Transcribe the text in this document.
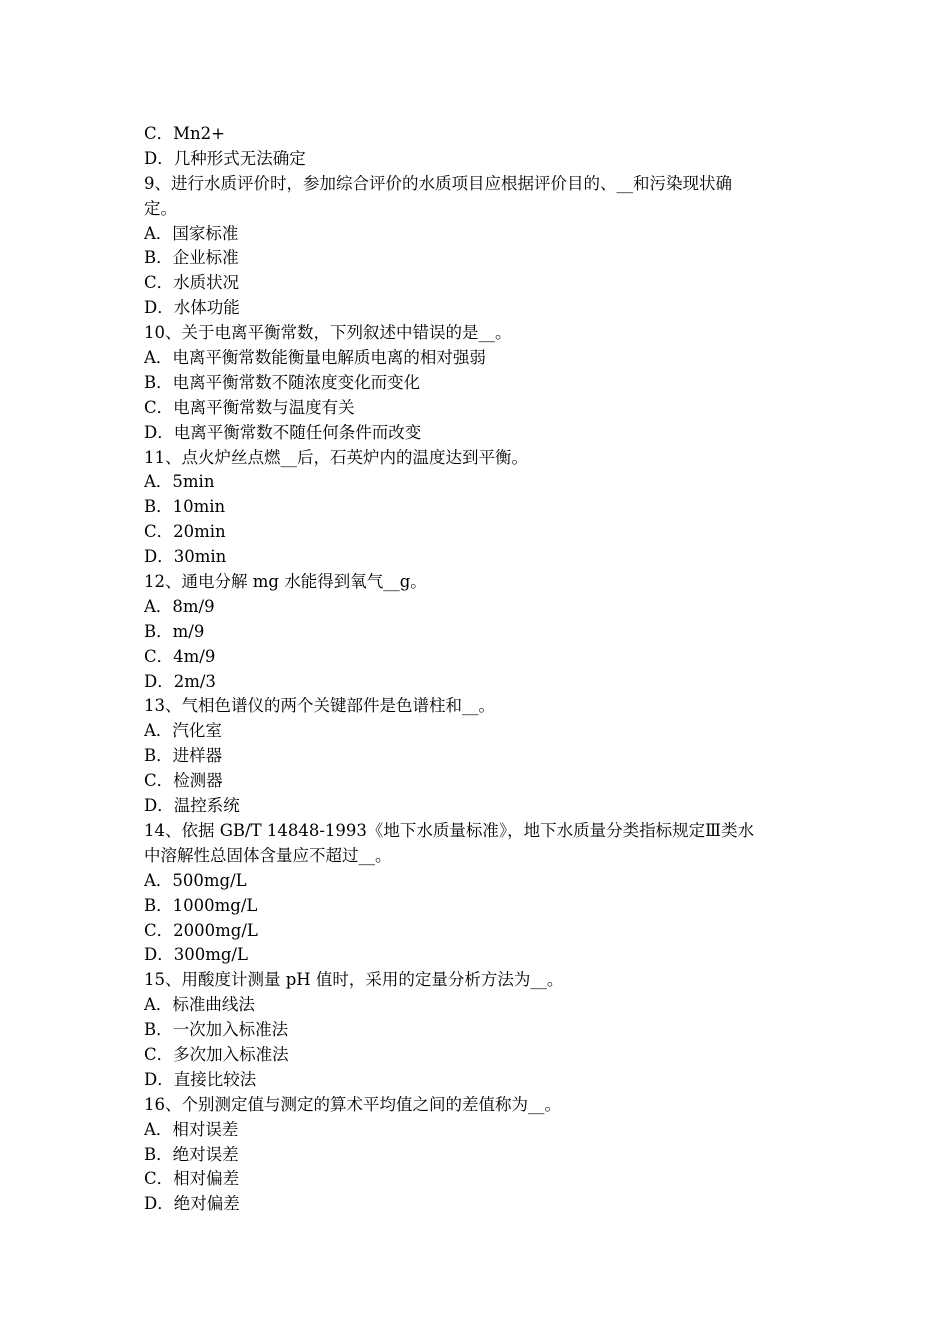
C．Mn2+
D．几种形式无法确定
9、进行水质评价时，参加综合评价的水质项目应根据评价目的、__和污染现状确
定。
A．国家标准
B．企业标准
C．水质状况
D．水体功能
10、关于电离平衡常数，下列叙述中错误的是__。
A．电离平衡常数能衡量电解质电离的相对强弱
B．电离平衡常数不随浓度变化而变化
C．电离平衡常数与温度有关
D．电离平衡常数不随任何条件而改变
11、点火炉丝点燃__后，石英炉内的温度达到平衡。
A．5min
B．10min
C．20min
D．30min
12、通电分解 mg 水能得到氧气__g。
A．8m/9
B．m/9
C．4m/9
D．2m/3
13、气相色谱仪的两个关键部件是色谱柱和__。
A．汽化室
B．进样器
C．检测器
D．温控系统
14、依据 GB/T 14848-1993《地下水质量标准》，地下水质量分类指标规定Ⅲ类水
中溶解性总固体含量应不超过__。
A．500mg/L
B．1000mg/L
C．2000mg/L
D．300mg/L
15、用酸度计测量 pH 值时，采用的定量分析方法为__。
A．标准曲线法
B．一次加入标准法
C．多次加入标准法
D．直接比较法
16、个别测定值与测定的算术平均值之间的差值称为__。
A．相对误差
B．绝对误差
C．相对偏差
D．绝对偏差
